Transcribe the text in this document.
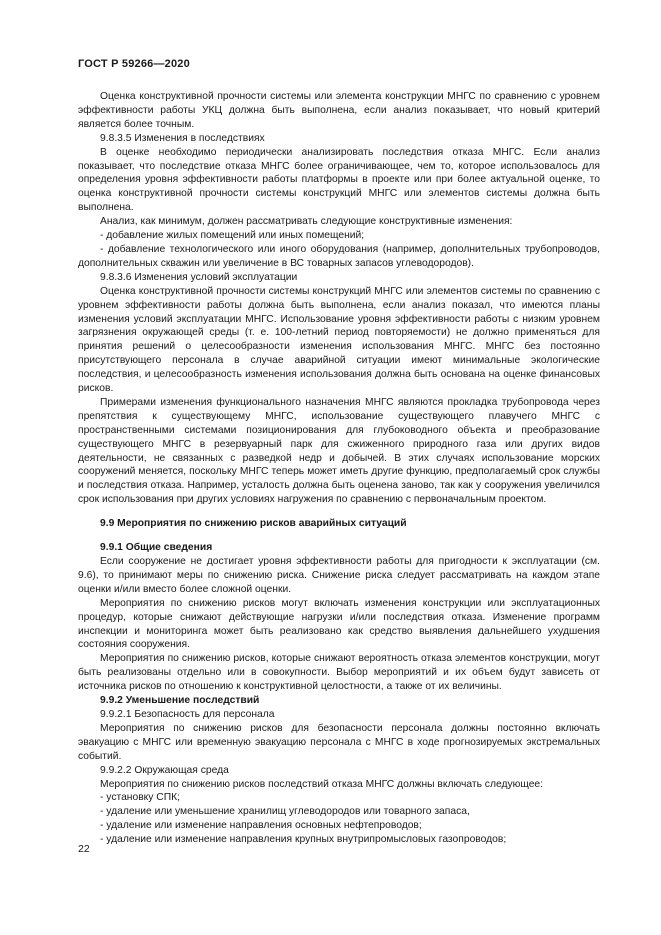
ГОСТ Р 59266—2020

Оценка конструктивной прочности системы или элемента конструкции МНГС по сравнению с уровнем эффективности работы УКЦ должна быть выполнена, если анализ показывает, что новый критерий является более точным.

9.8.3.5 Изменения в последствиях

В оценке необходимо периодически анализировать последствия отказа МНГС. Если анализ показывает, что последствие отказа МНГС более ограничивающее, чем то, которое использовалось для определения уровня эффективности работы платформы в проекте или при более актуальной оценке, то оценка конструктивной прочности системы конструкций МНГС или элементов системы должна быть выполнена.

Анализ, как минимум, должен рассматривать следующие конструктивные изменения:

- добавление жилых помещений или иных помещений;

- добавление технологического или иного оборудования (например, дополнительных трубопроводов, дополнительных скважин или увеличение в ВС товарных запасов углеводородов).

9.8.3.6 Изменения условий эксплуатации

Оценка конструктивной прочности системы конструкций МНГС или элементов системы по сравнению с уровнем эффективности работы должна быть выполнена, если анализ показал, что имеются планы изменения условий эксплуатации МНГС. Использование уровня эффективности работы с низким уровнем загрязнения окружающей среды (т. е. 100-летний период повторяемости) не должно применяться для принятия решений о целесообразности изменения использования МНГС. МНГС без постоянно присутствующего персонала в случае аварийной ситуации имеют минимальные экологические последствия, и целесообразность изменения использования должна быть основана на оценке финансовых рисков.

Примерами изменения функционального назначения МНГС являются прокладка трубопровода через препятствия к существующему МНГС, использование существующего плавучего МНГС с пространственными системами позиционирования для глубоководного объекта и преобразование существующего МНГС в резервуарный парк для сжиженного природного газа или других видов деятельности, не связанных с разведкой недр и добычей. В этих случаях использование морских сооружений меняется, поскольку МНГС теперь может иметь другие функцию, предполагаемый срок службы и последствия отказа. Например, усталость должна быть оценена заново, так как у сооружения увеличился срок использования при других условиях нагружения по сравнению с первоначальным проектом.

9.9 Мероприятия по снижению рисков аварийных ситуаций

9.9.1 Общие сведения

Если сооружение не достигает уровня эффективности работы для пригодности к эксплуатации (см. 9.6), то принимают меры по снижению риска. Снижение риска следует рассматривать на каждом этапе оценки и/или вместо более сложной оценки.

Мероприятия по снижению рисков могут включать изменения конструкции или эксплуатационных процедур, которые снижают действующие нагрузки и/или последствия отказа. Изменение программ инспекции и мониторинга может быть реализовано как средство выявления дальнейшего ухудшения состояния сооружения.

Мероприятия по снижению рисков, которые снижают вероятность отказа элементов конструкции, могут быть реализованы отдельно или в совокупности. Выбор мероприятий и их объем будут зависеть от источника рисков по отношению к конструктивной целостности, а также от их величины.

9.9.2 Уменьшение последствий

9.9.2.1 Безопасность для персонала

Мероприятия по снижению рисков для безопасности персонала должны постоянно включать эвакуацию с МНГС или временную эвакуацию персонала с МНГС в ходе прогнозируемых экстремальных событий.

9.9.2.2 Окружающая среда

Мероприятия по снижению рисков последствий отказа МНГС должны включать следующее:

- установку СПК;

- удаление или уменьшение хранилищ углеводородов или товарного запаса,

- удаление или изменение направления основных нефтепроводов;

- удаление или изменение направления крупных внутрипромысловых газопроводов;

22
